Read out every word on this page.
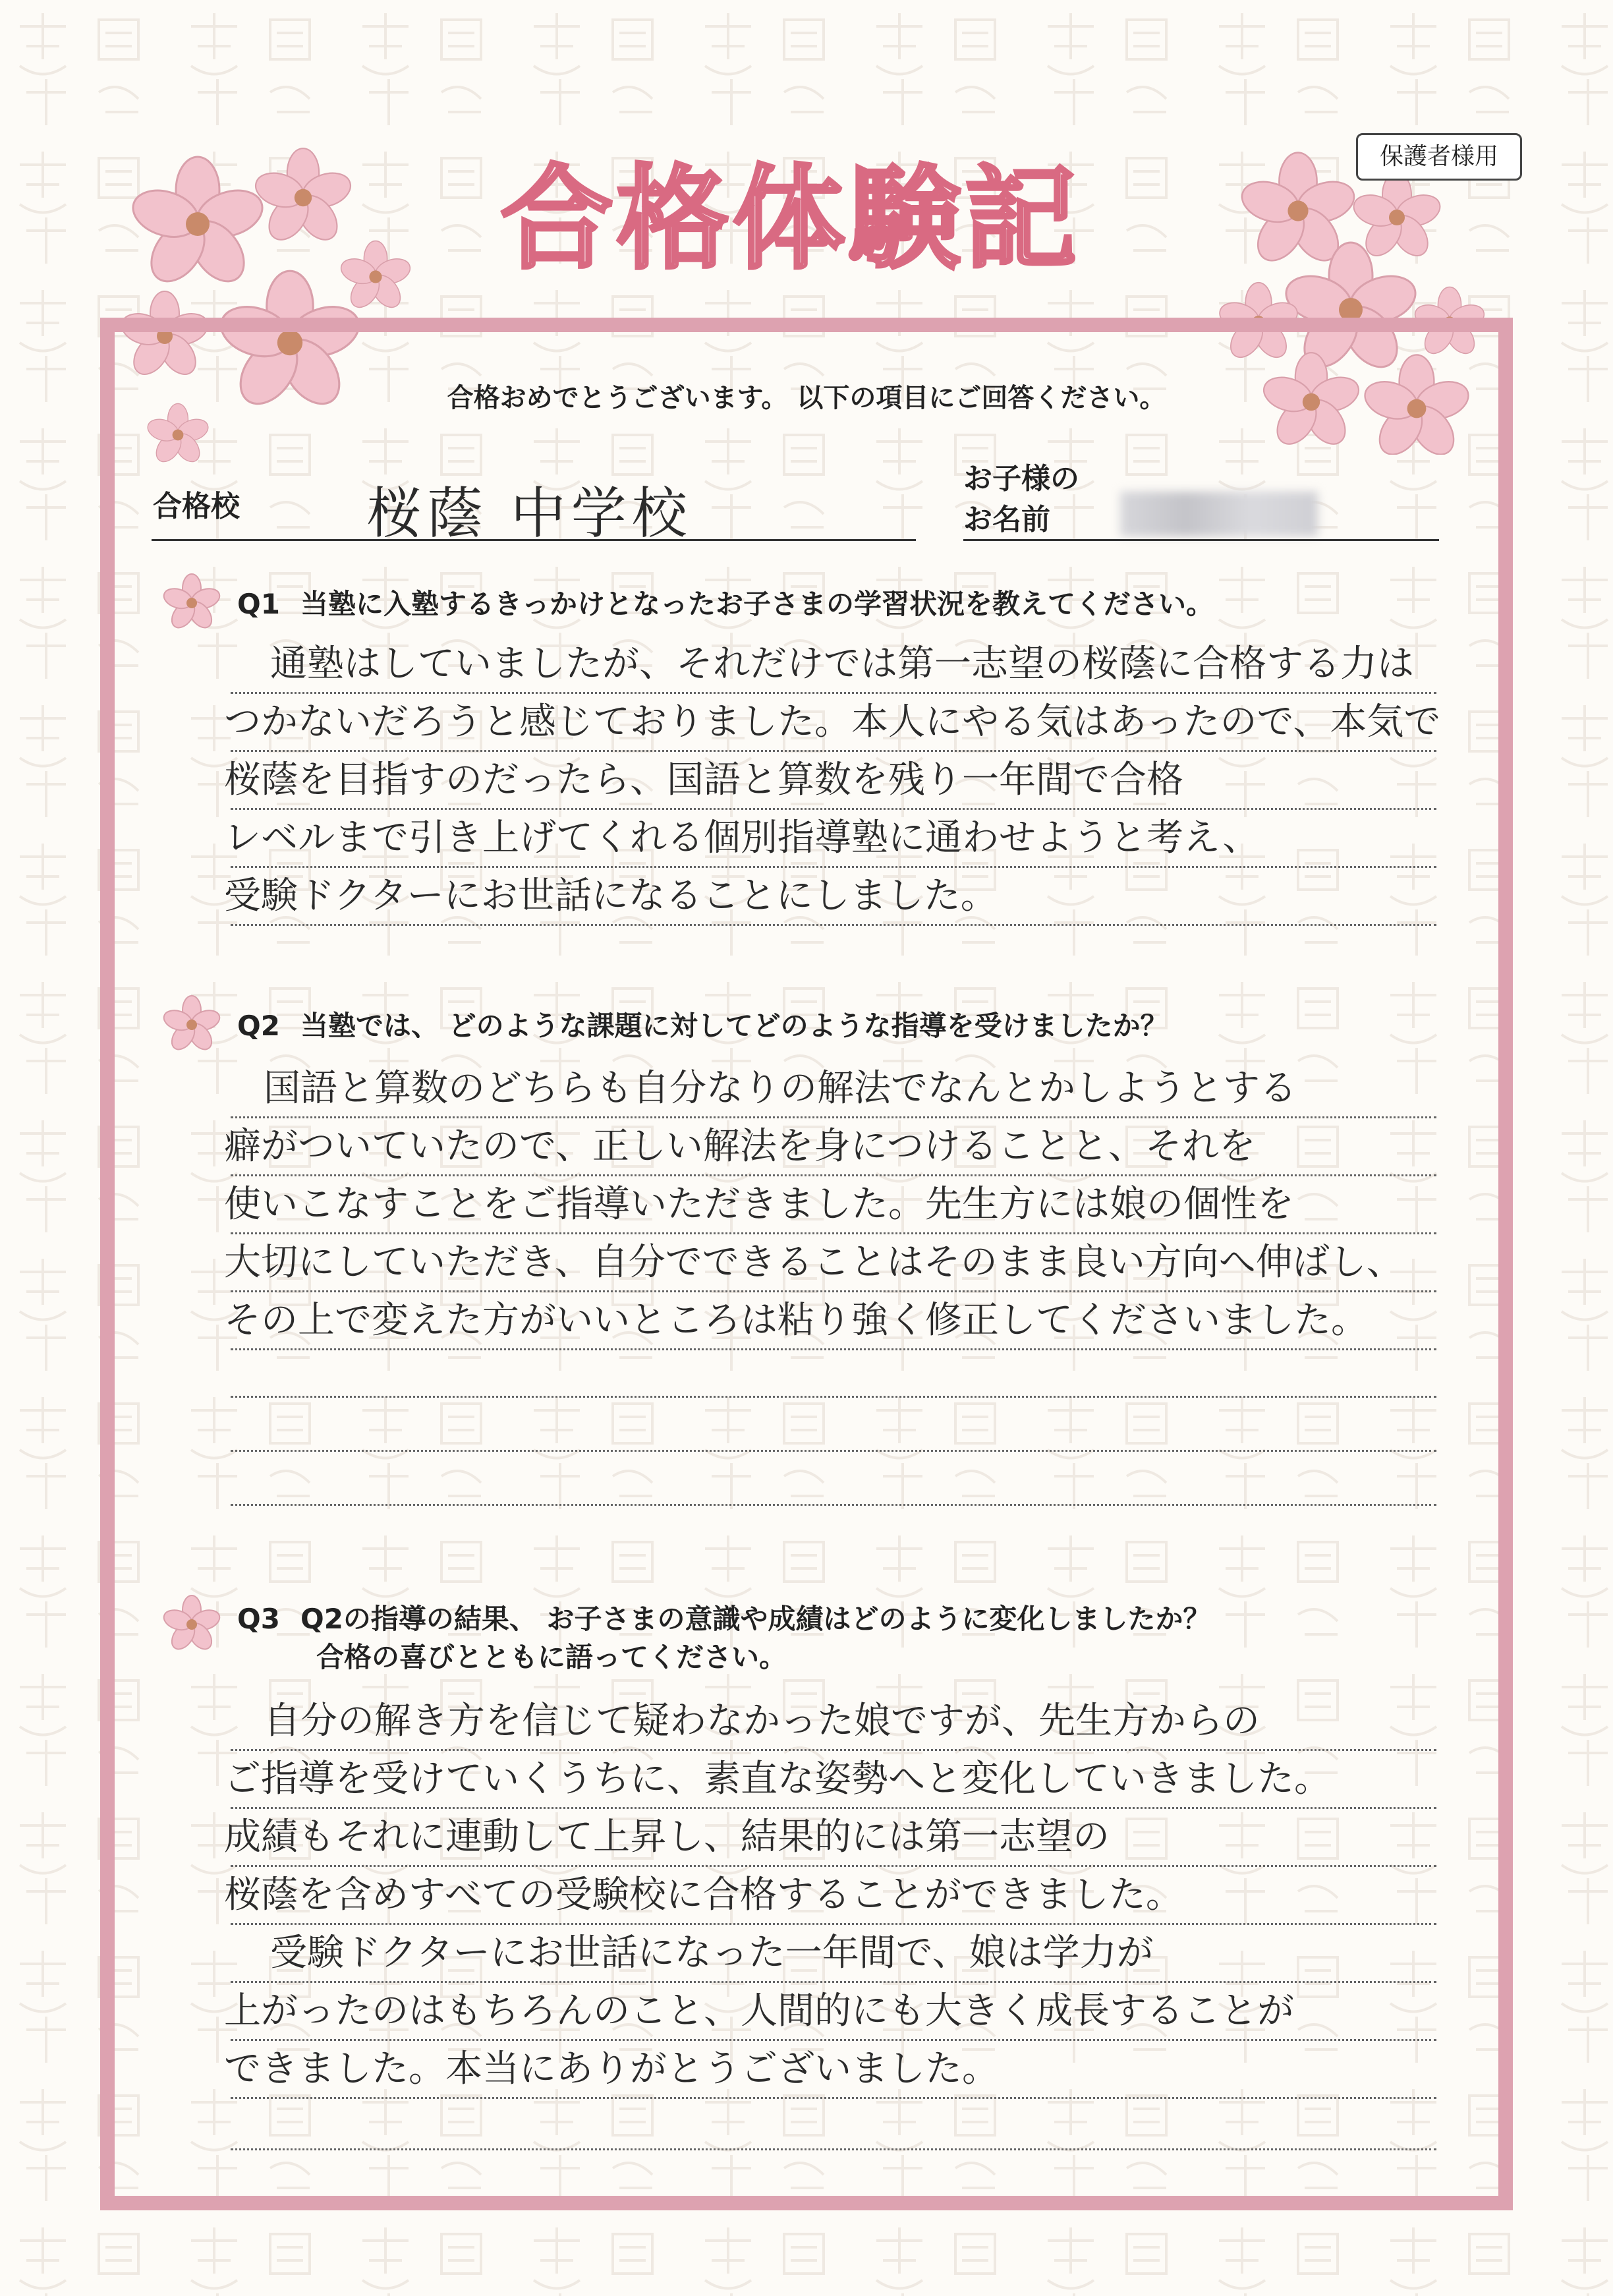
保護者様用
合格体験記
合格おめでとうございます。 以下の項目にご回答ください。
合格校 桜蔭 中学校
お子様の
お名前
Q1 当塾に入塾するきっかけとなったお子さまの学習状況を教えてください。

通塾はしていましたが、それだけでは第一志望の桜蔭に合格する力は

つかないだろうと感じておりました。本人にやる気はあったので、本気で

桜蔭を目指すのだったら、国語と算数を残り一年間で合格

レベルまで引き上げてくれる個別指導塾に通わせようと考え、

受験ドクターにお世話になることにしました。

Q2 当塾では、 どのような課題に対してどのような指導を受けましたか？

国語と算数のどちらも自分なりの解法でなんとかしようとする

癖がついていたので、正しい解法を身につけることと、それを

使いこなすことをご指導いただきました。先生方には娘の個性を

大切にしていただき、自分でできることはそのまま良い方向へ伸ばし、

その上で変えた方がいいところは粘り強く修正してくださいました。

Q3 Q2の指導の結果、 お子さまの意識や成績はどのように変化しましたか？
合格の喜びとともに語ってください。

自分の解き方を信じて疑わなかった娘ですが、先生方からの

ご指導を受けていくうちに、素直な姿勢へと変化していきました。

成績もそれに連動して上昇し、結果的には第一志望の

桜蔭を含めすべての受験校に合格することができました。

受験ドクターにお世話になった一年間で、娘は学力が

上がったのはもちろんのこと、人間的にも大きく成長することが

できました。本当にありがとうございました。
